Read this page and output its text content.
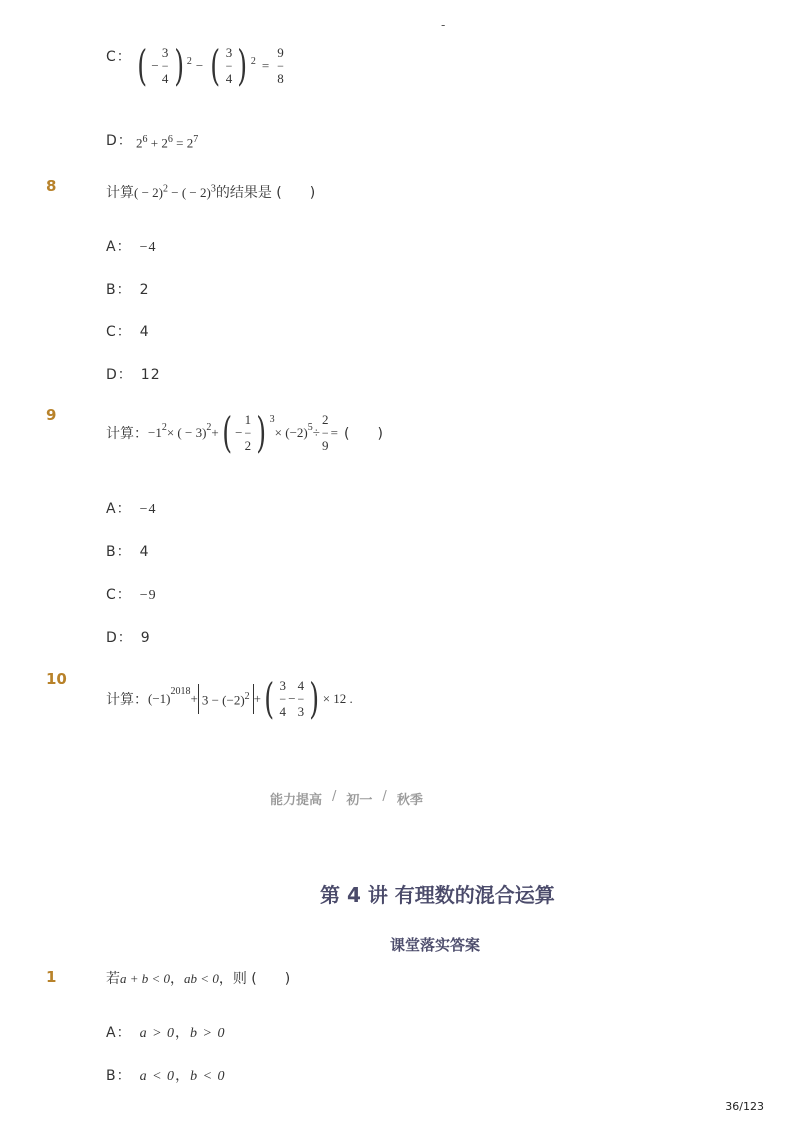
-
C： ( −
3
−
4 ) $^2$ − ( 3
−
4 ) $^2$ =
9
−
8
D： $2^6 + 2^6 = 2^7$
8	计算( − 2)$^2$ − ( − 2)$^3$的结果是 (　　)
A： −4
B： 2
C： 4
D： 12
9
计算： $-1^2$ × ( − 3)$^2$ + ( −
1
−
2 ) $^3$
× $(-2)^5$ ÷
2
−
9
= (　　)
A： −4
B： 4
C： −9
D： 9
10
计算： $(-1)^{2018} + 3 - (-2)^2$ + ( 3
−
4
−
4
−
3 ) × 12 .
能力提高 / 初一 / 秋季
第 4 讲 有理数的混合运算
课堂落实答案
1	若a + b < 0，ab < 0，则 (　　)
A： a > 0，b > 0
B： a < 0，b < 0
36/123
